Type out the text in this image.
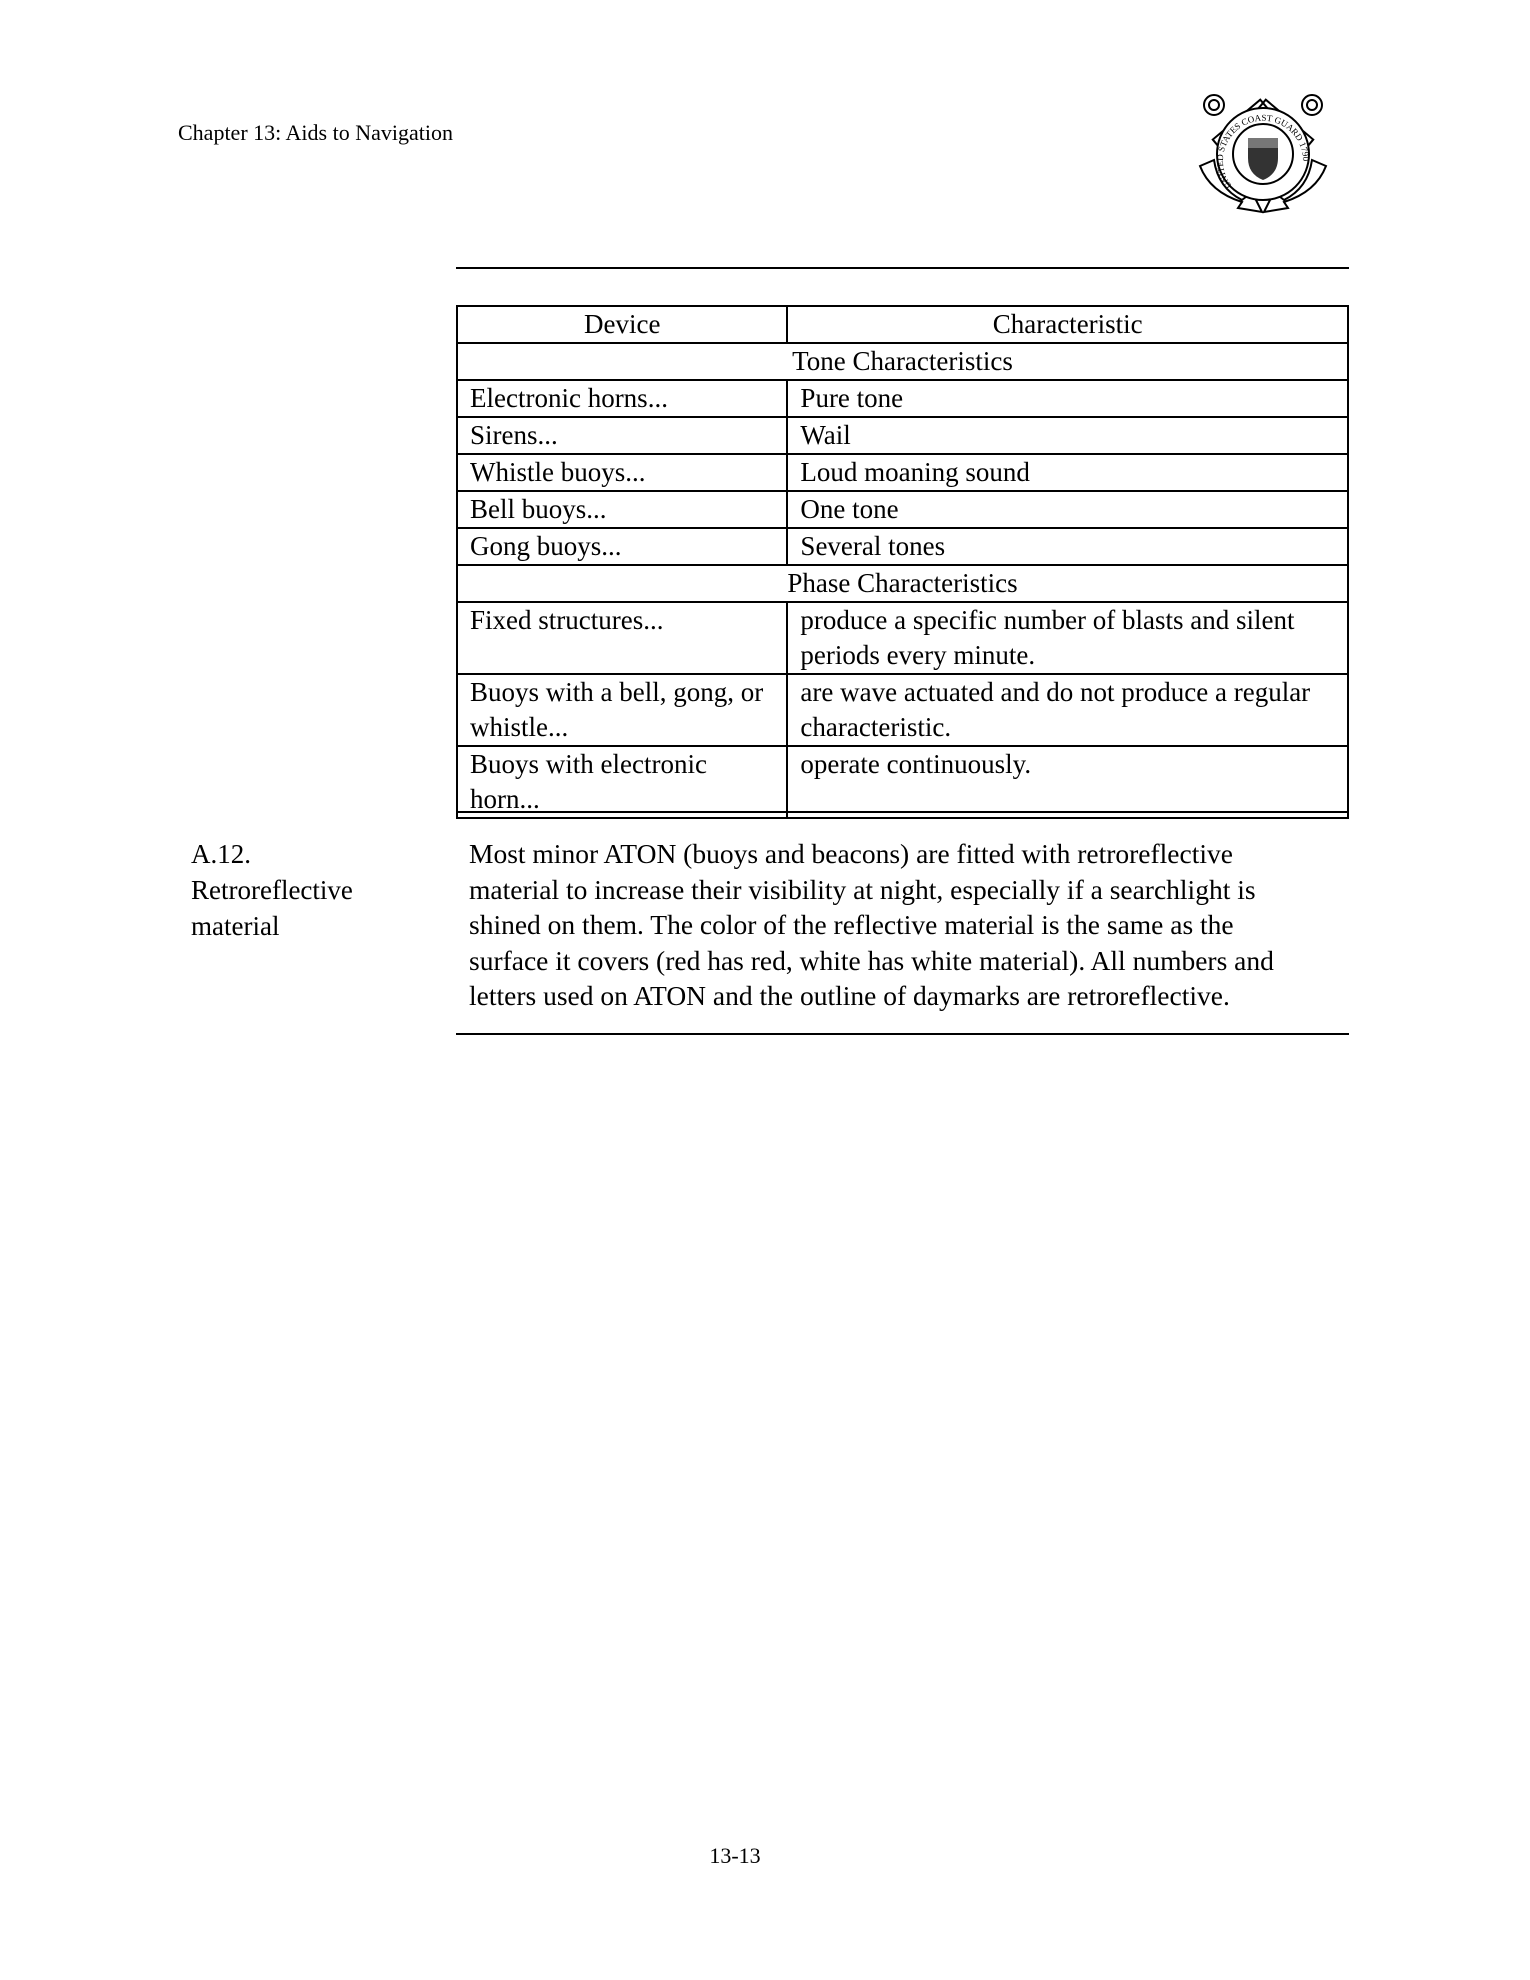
Chapter 13: Aids to Navigation
UNITED STATES COAST GUARD 1790
Device	Characteristic
Tone Characteristics	
Electronic horns...	Pure tone
Sirens...	Wail
Whistle buoys...	Loud moaning sound
Bell buoys...	One tone
Gong buoys...	Several tones
Phase Characteristics	
Fixed structures...	produce a specific number of blasts and silent periods every minute.
Buoys with a bell, gong, or whistle...	are wave actuated and do not produce a regular characteristic.
Buoys with electronic horn...	operate continuously.
A.12.
Retroreflective
material
Most minor ATON (buoys and beacons) are fitted with retroreflective
material to increase their visibility at night, especially if a searchlight is
shined on them. The color of the reflective material is the same as the
surface it covers (red has red, white has white material). All numbers and
letters used on ATON and the outline of daymarks are retroreflective.
13-13
